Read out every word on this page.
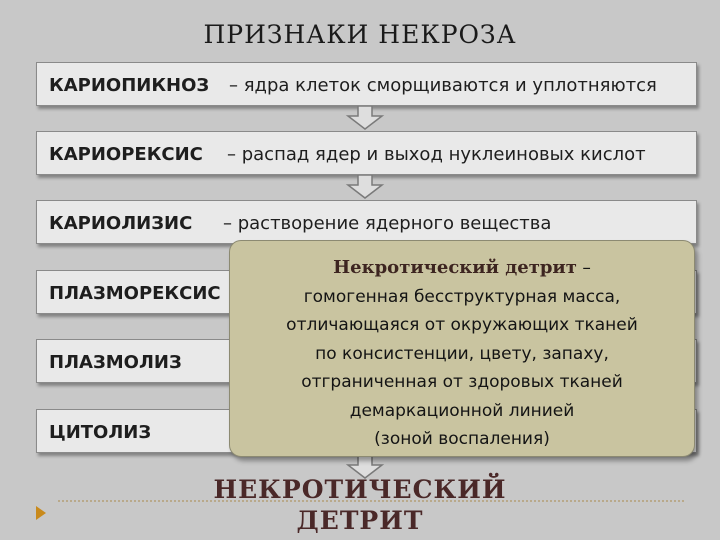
ПРИЗНАКИ НЕКРОЗА
КАРИОПИКНОЗ – ядра клеток сморщиваются и уплотняются
КАРИОРЕКСИС – распад ядер и выход нуклеиновых кислот
КАРИОЛИЗИС – растворение ядерного вещества
ПЛАЗМОРЕКСИС
ПЛАЗМОЛИЗ
ЦИТОЛИЗ
Некротический детрит –
гомогенная бесструктурная масса,
отличающаяся от окружающих тканей
по консистенции, цвету, запаху,
отграниченная от здоровых тканей
демаркационной линией
(зоной воспаления)
НЕКРОТИЧЕСКИЙ
ДЕТРИТ
